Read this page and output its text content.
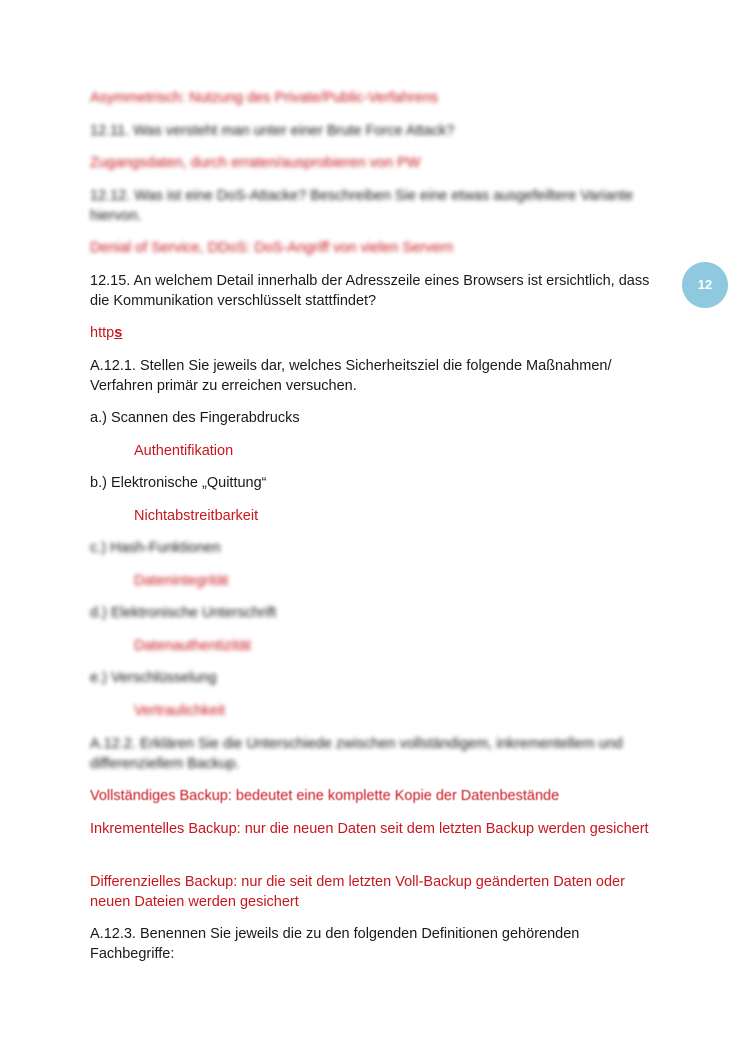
Asymmetrisch: Nutzung des Private/Public-Verfahrens

12.11. Was versteht man unter einer Brute Force Attack?

Zugangsdaten, durch erraten/ausprobieren von PW

12.12. Was ist eine DoS-Attacke? Beschreiben Sie eine etwas ausgefeiltere Variante hiervon.

Denial of Service, DDoS: DoS-Angriff von vielen Servern

12.15. An welchem Detail innerhalb der Adresszeile eines Browsers ist ersichtlich, dass die Kommunikation verschlüsselt stattfindet?

https

A.12.1. Stellen Sie jeweils dar, welches Sicherheitsziel die folgende Maßnahmen/ Verfahren primär zu erreichen versuchen.

a.) Scannen des Fingerabdrucks

Authentifikation

b.) Elektronische „Quittung“

Nichtabstreitbarkeit

c.) Hash-Funktionen

Datenintegrität

d.) Elektronische Unterschrift

Datenauthentizität

e.) Verschlüsselung

Vertraulichkeit

A.12.2. Erklären Sie die Unterschiede zwischen vollständigem, inkrementellem und differenziellem Backup.

Vollständiges Backup: bedeutet eine komplette Kopie der Datenbestände

Inkrementelles Backup: nur die neuen Daten seit dem letzten Backup werden gesichert

Differenzielles Backup: nur die seit dem letzten Voll-Backup geänderten Daten oder neuen Dateien werden gesichert

A.12.3. Benennen Sie jeweils die zu den folgenden Definitionen gehörenden Fachbegriffe:

12
